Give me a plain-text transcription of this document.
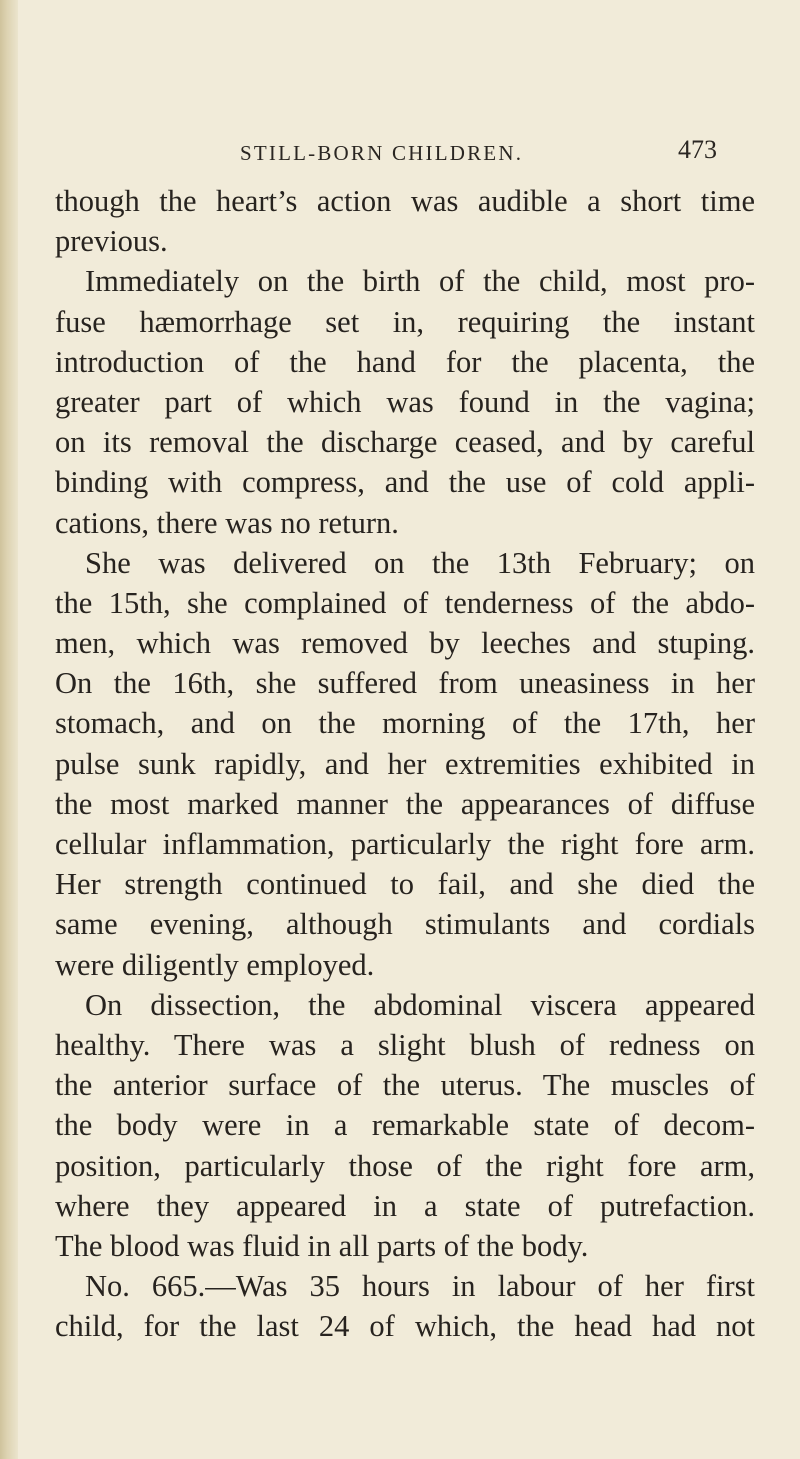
STILL-BORN CHILDREN.	473
though the heart’s action was audible a short time
previous.
Immediately on the birth of the child, most pro-
fuse hæmorrhage set in, requiring the instant
introduction of the hand for the placenta, the
greater part of which was found in the vagina;
on its removal the discharge ceased, and by careful
binding with compress, and the use of cold appli-
cations, there was no return.
She was delivered on the 13th February; on
the 15th, she complained of tenderness of the abdo-
men, which was removed by leeches and stuping.
On the 16th, she suffered from uneasiness in her
stomach, and on the morning of the 17th, her
pulse sunk rapidly, and her extremities exhibited in
the most marked manner the appearances of diffuse
cellular inflammation, particularly the right fore arm.
Her strength continued to fail, and she died the
same evening, although stimulants and cordials
were diligently employed.
On dissection, the abdominal viscera appeared
healthy. There was a slight blush of redness on
the anterior surface of the uterus. The muscles of
the body were in a remarkable state of decom-
position, particularly those of the right fore arm,
where they appeared in a state of putrefaction.
The blood was fluid in all parts of the body.
No. 665.—Was 35 hours in labour of her first
child, for the last 24 of which, the head had not
